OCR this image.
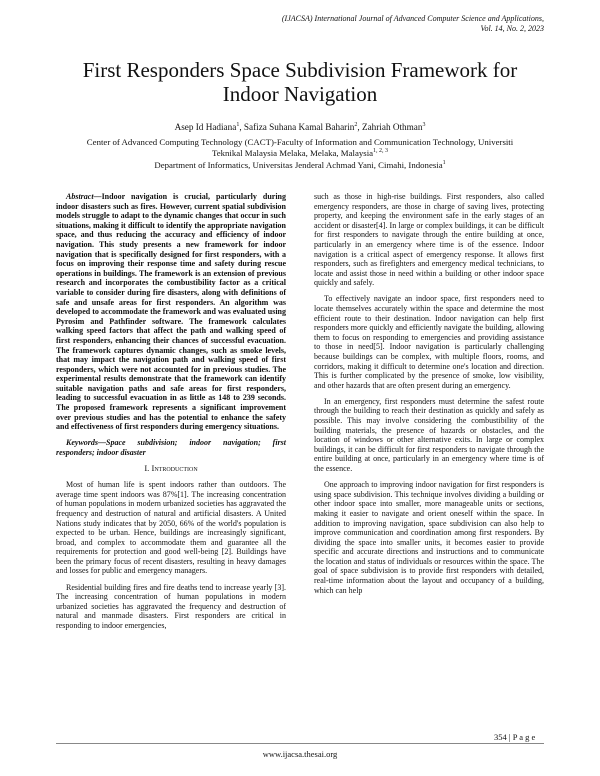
(IJACSA) International Journal of Advanced Computer Science and Applications,
Vol. 14, No. 2, 2023
First Responders Space Subdivision Framework for
Indoor Navigation
Asep Id Hadiana$^1$, Safiza Suhana Kamal Baharin$^2$, Zahriah Othman$^3$
Center of Advanced Computing Technology (CACT)-Faculty of Information and Communication Technology, Universiti
Teknikal Malaysia Melaka, Melaka, Malaysia$^{1, 2, 3}$
Department of Informatics, Universitas Jenderal Achmad Yani, Cimahi, Indonesia$^1$

Abstract—Indoor navigation is crucial, particularly during indoor disasters such as fires. However, current spatial subdivision models struggle to adapt to the dynamic changes that occur in such situations, making it difficult to identify the appropriate navigation space, and thus reducing the accuracy and efficiency of indoor navigation. This study presents a new framework for indoor navigation that is specifically designed for first responders, with a focus on improving their response time and safety during rescue operations in buildings. The framework is an extension of previous research and incorporates the combustibility factor as a critical variable to consider during fire disasters, along with definitions of safe and unsafe areas for first responders. An algorithm was developed to accommodate the framework and was evaluated using Pyrosim and Pathfinder software. The framework calculates walking speed factors that affect the path and walking speed of first responders, enhancing their chances of successful evacuation. The framework captures dynamic changes, such as smoke levels, that may impact the navigation path and walking speed of first responders, which were not accounted for in previous studies. The experimental results demonstrate that the framework can identify suitable navigation paths and safe areas for first responders, leading to successful evacuation in as little as 148 to 239 seconds. The proposed framework represents a significant improvement over previous studies and has the potential to enhance the safety and effectiveness of first responders during emergency situations.

Keywords—Space subdivision; indoor navigation; first responders; indoor disaster

I. Introduction

Most of human life is spent indoors rather than outdoors. The average time spent indoors was 87%[1]. The increasing concentration of human populations in modern urbanized societies has aggravated the frequency and destruction of natural and artificial disasters. A United Nations study indicates that by 2050, 66% of the world's population is expected to be urban. Hence, buildings are increasingly significant, broad, and complex to accommodate them and guarantee all the requirements for protection and good well-being [2]. Buildings have been the primary focus of recent disasters, resulting in heavy damages and losses for public and emergency managers.

Residential building fires and fire deaths tend to increase yearly [3]. The increasing concentration of human populations in modern urbanized societies has aggravated the frequency and destruction of natural and manmade disasters. First responders are critical in responding to indoor emergencies,

such as those in high-rise buildings. First responders, also called emergency responders, are those in charge of saving lives, protecting property, and keeping the environment safe in the early stages of an accident or disaster[4]. In large or complex buildings, it can be difficult for first responders to navigate through the entire building at once, particularly in an emergency where time is of the essence. Indoor navigation is a critical aspect of emergency response. It allows first responders, such as firefighters and emergency medical technicians, to locate and assist those in need within a building or other indoor space quickly and safely.

To effectively navigate an indoor space, first responders need to locate themselves accurately within the space and determine the most efficient route to their destination. Indoor navigation can help first responders more quickly and efficiently navigate the building, allowing them to focus on responding to emergencies and providing assistance to those in need[5]. Indoor navigation is particularly challenging because buildings can be complex, with multiple floors, rooms, and corridors, making it difficult to determine one's location and direction. This is further complicated by the presence of smoke, low visibility, and other hazards that are often present during an emergency.

In an emergency, first responders must determine the safest route through the building to reach their destination as quickly and safely as possible. This may involve considering the combustibility of the building materials, the presence of hazards or obstacles, and the location of windows or other alternative exits. In large or complex buildings, it can be difficult for first responders to navigate through the entire building at once, particularly in an emergency where time is of the essence.

One approach to improving indoor navigation for first responders is using space subdivision. This technique involves dividing a building or other indoor space into smaller, more manageable units or sections, making it easier to navigate and orient oneself within the space. In addition to improving navigation, space subdivision can also help to improve communication and coordination among first responders. By dividing the space into smaller units, it becomes easier to provide specific and accurate directions and instructions and to communicate the location and status of individuals or resources within the space. The goal of space subdivision is to provide first responders with detailed, real-time information about the layout and occupancy of a building, which can help

354 | P a g e
www.ijacsa.thesai.org
